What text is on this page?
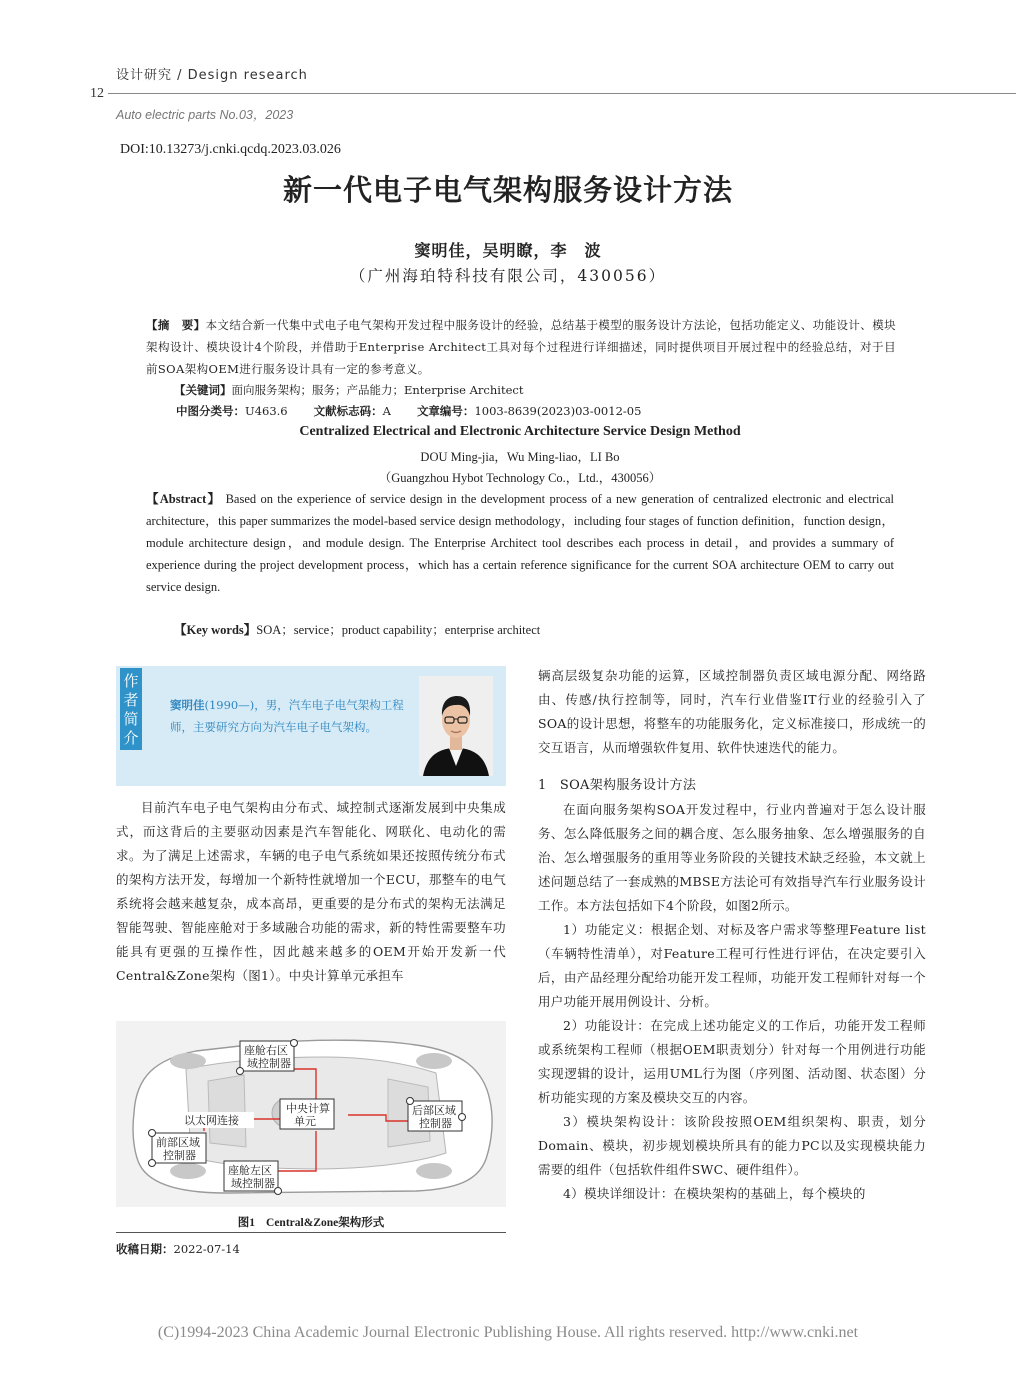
设计研究 / Design research
12
Auto electric parts No.03，2023
DOI:10.13273/j.cnki.qcdq.2023.03.026
新一代电子电气架构服务设计方法
窦明佳，吴明瞭，李　波
（广州海珀特科技有限公司，430056）
【摘　要】本文结合新一代集中式电子电气架构开发过程中服务设计的经验，总结基于模型的服务设计方法论，包括功能定义、功能设计、模块架构设计、模块设计4个阶段，并借助于Enterprise Architect工具对每个过程进行详细描述，同时提供项目开展过程中的经验总结，对于目前SOA架构OEM进行服务设计具有一定的参考意义。
【关键词】面向服务架构；服务；产品能力；Enterprise Architect
中图分类号：U463.6 文献标志码：A 文章编号：1003-8639(2023)03-0012-05
Centralized Electrical and Electronic Architecture Service Design Method
DOU Ming-jia，Wu Ming-liao，LI Bo
（Guangzhou Hybot Technology Co.，Ltd.，430056）
【Abstract】 Based on the experience of service design in the development process of a new generation of centralized electronic and electrical architecture，this paper summarizes the model-based service design methodology，including four stages of function definition，function design，module architecture design，and module design. The Enterprise Architect tool describes each process in detail，and provides a summary of experience during the project development process，which has a certain reference significance for the current SOA architecture OEM to carry out service design.
【Key words】SOA；service；product capability；enterprise architect
作者简介
窦明佳(1990—)，男，汽车电子电气架构工程师，主要研究方向为汽车电子电气架构。

目前汽车电子电气架构由分布式、域控制式逐渐发展到中央集成式，而这背后的主要驱动因素是汽车智能化、网联化、电动化的需求。为了满足上述需求，车辆的电子电气系统如果还按照传统分布式的架构方法开发，每增加一个新特性就增加一个ECU，那整车的电气系统将会越来越复杂，成本高昂，更重要的是分布式的架构无法满足智能驾驶、智能座舱对于多域融合功能的需求，新的特性需要整车功能具有更强的互操作性，因此越来越多的OEM开始开发新一代Central&Zone架构（图1）。中央计算单元承担车

座舱右区
域控制器
中央计算
单元
以太网连接
后部区域
控制器
前部区域
控制器
座舱左区
域控制器
图1 Central&Zone架构形式
收稿日期：2022-07-14

辆高层级复杂功能的运算，区域控制器负责区域电源分配、网络路由、传感/执行控制等，同时，汽车行业借鉴IT行业的经验引入了SOA的设计思想，将整车的功能服务化，定义标准接口，形成统一的交互语言，从而增强软件复用、软件快速迭代的能力。

1　SOA架构服务设计方法

在面向服务架构SOA开发过程中，行业内普遍对于怎么设计服务、怎么降低服务之间的耦合度、怎么服务抽象、怎么增强服务的自治、怎么增强服务的重用等业务阶段的关键技术缺乏经验，本文就上述问题总结了一套成熟的MBSE方法论可有效指导汽车行业服务设计工作。本方法包括如下4个阶段，如图2所示。

1）功能定义：根据企划、对标及客户需求等整理Feature list（车辆特性清单），对Feature工程可行性进行评估，在决定要引入后，由产品经理分配给功能开发工程师，功能开发工程师针对每一个用户功能开展用例设计、分析。

2）功能设计：在完成上述功能定义的工作后，功能开发工程师或系统架构工程师（根据OEM职责划分）针对每一个用例进行功能实现逻辑的设计，运用UML行为图（序列图、活动图、状态图）分析功能实现的方案及模块交互的内容。

3）模块架构设计：该阶段按照OEM组织架构、职责，划分Domain、模块，初步规划模块所具有的能力PC以及实现模块能力需要的组件（包括软件组件SWC、硬件组件）。

4）模块详细设计：在模块架构的基础上，每个模块的

(C)1994-2023 China Academic Journal Electronic Publishing House. All rights reserved. http://www.cnki.net
